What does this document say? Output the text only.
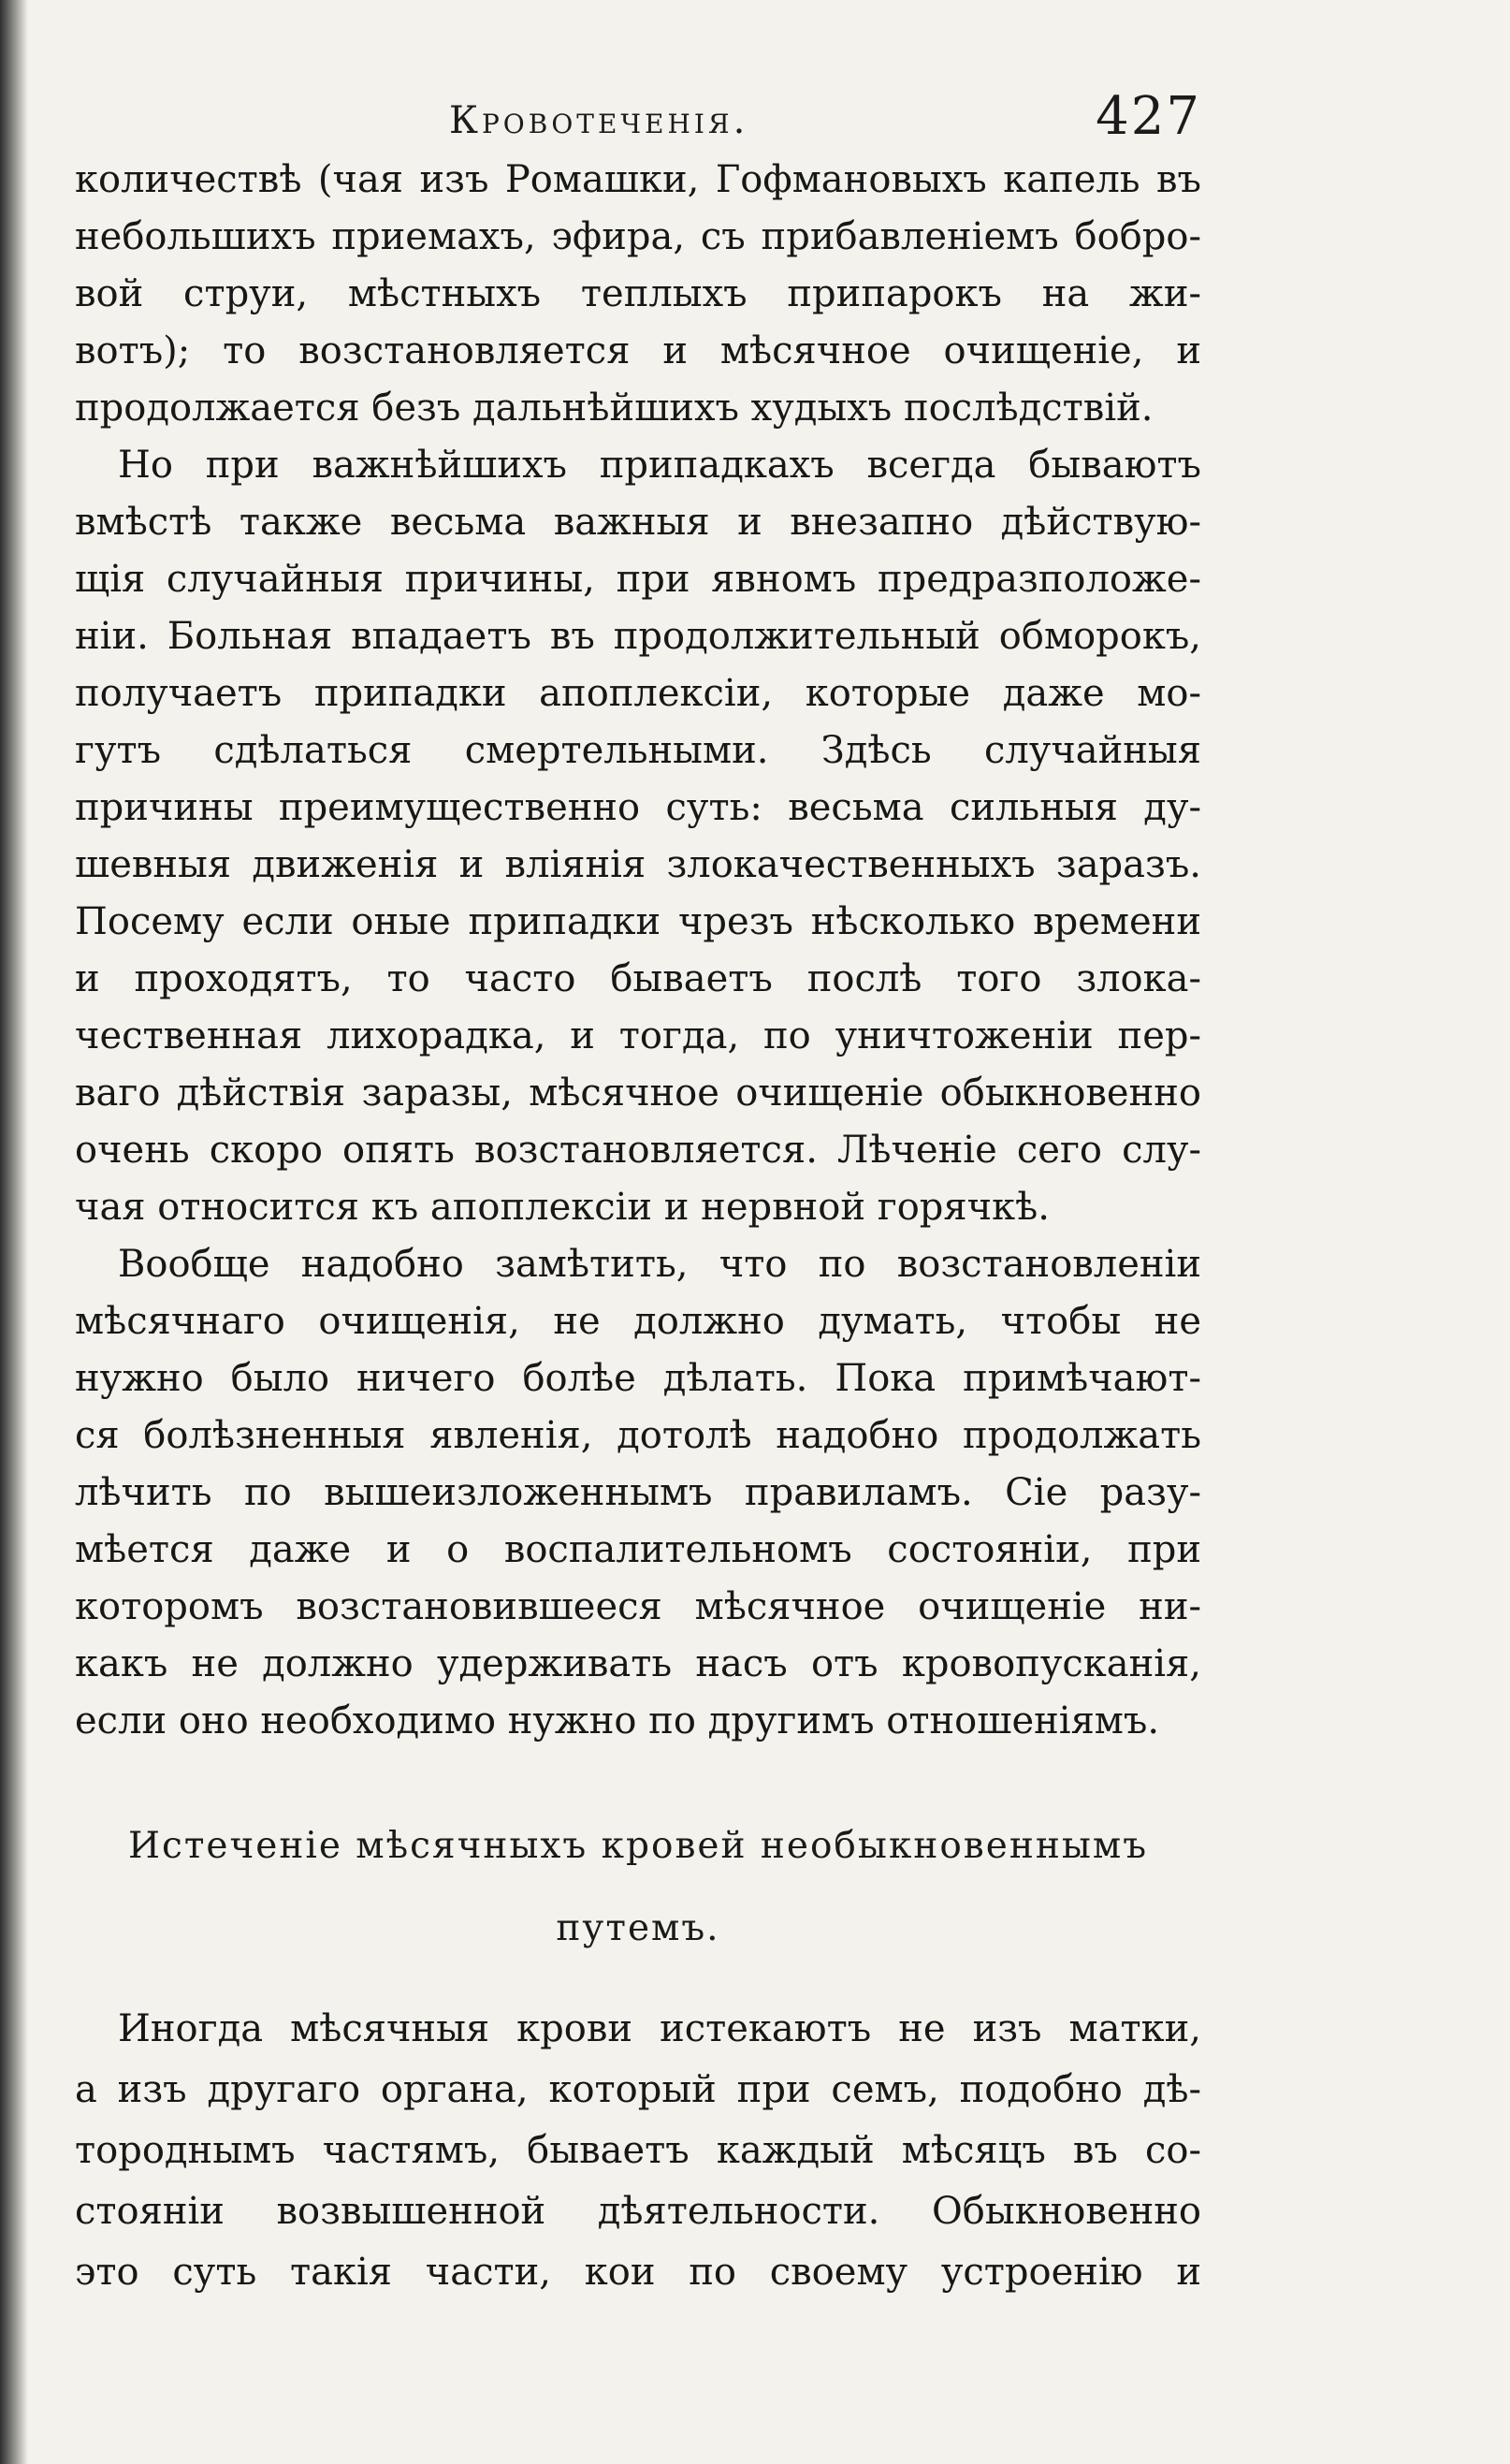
Кровотеченія.	427
количествѣ (чая изъ Ромашки, Гофмановыхъ капель въ
небольшихъ приемахъ, эфира, съ прибавленіемъ бобро-
вой струи, мѣстныхъ теплыхъ припарокъ на жи-
вотъ); то возстановляется и мѣсячное очищеніе, и
продолжается безъ дальнѣйшихъ худыхъ послѣдствій.
Но при важнѣйшихъ припадкахъ всегда бываютъ
вмѣстѣ также весьма важныя и внезапно дѣйствую-
щія случайныя причины, при явномъ предразположе-
ніи. Больная впадаетъ въ продолжительный обморокъ,
получаетъ припадки апоплексіи, которые даже мо-
гутъ сдѣлаться смертельными. Здѣсь случайныя
причины преимущественно суть: весьма сильныя ду-
шевныя движенія и вліянія злокачественныхъ заразъ.
Посему если оные припадки чрезъ нѣсколько времени
и проходятъ, то часто бываетъ послѣ того злока-
чественная лихорадка, и тогда, по уничтоженіи пер-
ваго дѣйствія заразы, мѣсячное очищеніе обыкновенно
очень скоро опять возстановляется. Лѣченіе сего слу-
чая относится къ апоплексіи и нервной горячкѣ.
Вообще надобно замѣтить, что по возстановленіи
мѣсячнаго очищенія, не должно думать, чтобы не
нужно было ничего болѣе дѣлать. Пока примѣчают-
ся болѣзненныя явленія, дотолѣ надобно продолжать
лѣчить по вышеизложеннымъ правиламъ. Сіе разу-
мѣется даже и о воспалительномъ состояніи, при
которомъ возстановившееся мѣсячное очищеніе ни-
какъ не должно удерживать насъ отъ кровопусканія,
если оно необходимо нужно по другимъ отношеніямъ.
Истеченіе мѣсячныхъ кровей необыкновеннымъ
путемъ.
Иногда мѣсячныя крови истекаютъ не изъ матки,
а изъ другаго органа, который при семъ, подобно дѣ-
тороднымъ частямъ, бываетъ каждый мѣсяцъ въ со-
стояніи возвышенной дѣятельности. Обыкновенно
это суть такія части, кои по своему устроенію и
